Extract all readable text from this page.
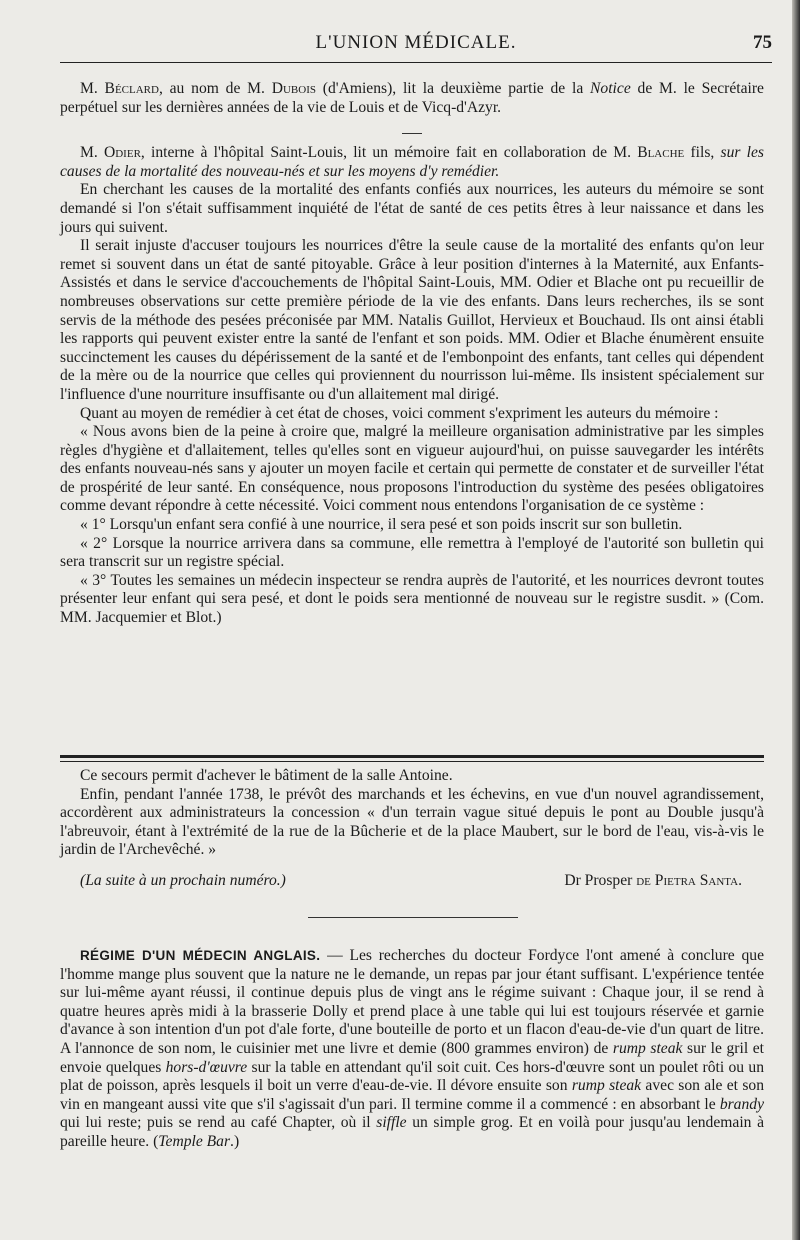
L'UNION MÉDICALE.	75

M. Béclard, au nom de M. Dubois (d'Amiens), lit la deuxième partie de la Notice de M. le Secrétaire perpétuel sur les dernières années de la vie de Louis et de Vicq-d'Azyr.

M. Odier, interne à l'hôpital Saint-Louis, lit un mémoire fait en collaboration de M. Blache fils, sur les causes de la mortalité des nouveau-nés et sur les moyens d'y remédier.

En cherchant les causes de la mortalité des enfants confiés aux nourrices, les auteurs du mémoire se sont demandé si l'on s'était suffisamment inquiété de l'état de santé de ces petits êtres à leur naissance et dans les jours qui suivent.

Il serait injuste d'accuser toujours les nourrices d'être la seule cause de la mortalité des enfants qu'on leur remet si souvent dans un état de santé pitoyable. Grâce à leur position d'internes à la Maternité, aux Enfants-Assistés et dans le service d'accouchements de l'hôpital Saint-Louis, MM. Odier et Blache ont pu recueillir de nombreuses observations sur cette première période de la vie des enfants. Dans leurs recherches, ils se sont servis de la méthode des pesées préconisée par MM. Natalis Guillot, Hervieux et Bouchaud. Ils ont ainsi établi les rapports qui peuvent exister entre la santé de l'enfant et son poids. MM. Odier et Blache énumèrent ensuite succinctement les causes du dépérissement de la santé et de l'embonpoint des enfants, tant celles qui dépendent de la mère ou de la nourrice que celles qui proviennent du nourrisson lui-même. Ils insistent spécialement sur l'influence d'une nourriture insuffisante ou d'un allaitement mal dirigé.

Quant au moyen de remédier à cet état de choses, voici comment s'expriment les auteurs du mémoire :

« Nous avons bien de la peine à croire que, malgré la meilleure organisation administrative par les simples règles d'hygiène et d'allaitement, telles qu'elles sont en vigueur aujourd'hui, on puisse sauvegarder les intérêts des enfants nouveau-nés sans y ajouter un moyen facile et certain qui permette de constater et de surveiller l'état de prospérité de leur santé. En conséquence, nous proposons l'introduction du système des pesées obligatoires comme devant répondre à cette nécessité. Voici comment nous entendons l'organisation de ce système :

« 1° Lorsqu'un enfant sera confié à une nourrice, il sera pesé et son poids inscrit sur son bulletin.

« 2° Lorsque la nourrice arrivera dans sa commune, elle remettra à l'employé de l'autorité son bulletin qui sera transcrit sur un registre spécial.

« 3° Toutes les semaines un médecin inspecteur se rendra auprès de l'autorité, et les nourrices devront toutes présenter leur enfant qui sera pesé, et dont le poids sera mentionné de nouveau sur le registre susdit. » (Com. MM. Jacquemier et Blot.)

Ce secours permit d'achever le bâtiment de la salle Antoine.

Enfin, pendant l'année 1738, le prévôt des marchands et les échevins, en vue d'un nouvel agrandissement, accordèrent aux administrateurs la concession « d'un terrain vague situé depuis le pont au Double jusqu'à l'abreuvoir, étant à l'extrémité de la rue de la Bûcherie et de la place Maubert, sur le bord de l'eau, vis-à-vis le jardin de l'Archevêché. »

(La suite à un prochain numéro.)	Dr Prosper de Pietra Santa.

RÉGIME D'UN MÉDECIN ANGLAIS. — Les recherches du docteur Fordyce l'ont amené à conclure que l'homme mange plus souvent que la nature ne le demande, un repas par jour étant suffisant. L'expérience tentée sur lui-même ayant réussi, il continue depuis plus de vingt ans le régime suivant : Chaque jour, il se rend à quatre heures après midi à la brasserie Dolly et prend place à une table qui lui est toujours réservée et garnie d'avance à son intention d'un pot d'ale forte, d'une bouteille de porto et un flacon d'eau-de-vie d'un quart de litre. A l'annonce de son nom, le cuisinier met une livre et demie (800 grammes environ) de rump steak sur le gril et envoie quelques hors-d'œuvre sur la table en attendant qu'il soit cuit. Ces hors-d'œuvre sont un poulet rôti ou un plat de poisson, après lesquels il boit un verre d'eau-de-vie. Il dévore ensuite son rump steak avec son ale et son vin en mangeant aussi vite que s'il s'agissait d'un pari. Il termine comme il a commencé : en absorbant le brandy qui lui reste; puis se rend au café Chapter, où il siffle un simple grog. Et en voilà pour jusqu'au lendemain à pareille heure. (Temple Bar.)
